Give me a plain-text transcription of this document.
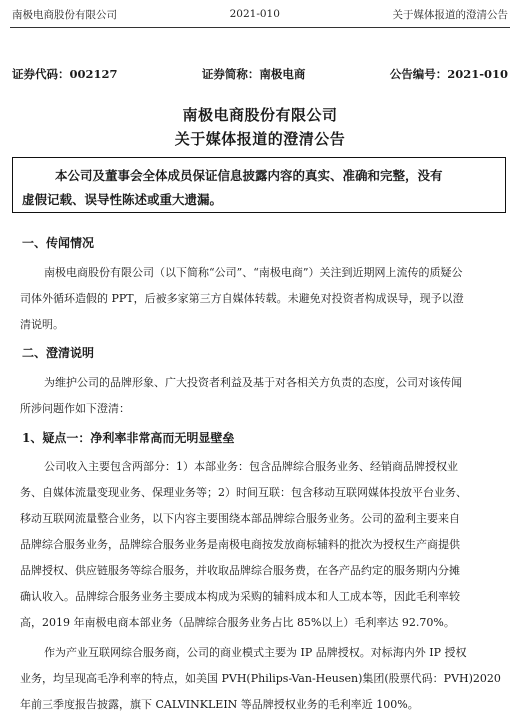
南极电商股份有限公司	2021-010	关于媒体报道的澄清公告
证券代码：002127	证券简称：南极电商	公告编号：2021-010
南极电商股份有限公司
关于媒体报道的澄清公告
本公司及董事会全体成员保证信息披露内容的真实、准确和完整，没有
虚假记载、误导性陈述或重大遗漏。
一、传闻情况
南极电商股份有限公司（以下简称“公司”、“南极电商”）关注到近期网上流传的质疑公
司体外循环造假的 PPT，后被多家第三方自媒体转载。未避免对投资者构成误导，现予以澄
清说明。
二、澄清说明
为维护公司的品牌形象、广大投资者利益及基于对各相关方负责的态度，公司对该传闻
所涉问题作如下澄清：
1、疑点一：净利率非常高而无明显壁垒
公司收入主要包含两部分：1）本部业务：包含品牌综合服务业务、经销商品牌授权业
务、自媒体流量变现业务、保理业务等；2）时间互联：包含移动互联网媒体投放平台业务、
移动互联网流量整合业务，以下内容主要围绕本部品牌综合服务业务。公司的盈利主要来自
品牌综合服务业务，品牌综合服务业务是南极电商按发放商标辅料的批次为授权生产商提供
品牌授权、供应链服务等综合服务，并收取品牌综合服务费，在各产品约定的服务期内分摊
确认收入。品牌综合服务业务主要成本构成为采购的辅料成本和人工成本等，因此毛利率较
高，2019 年南极电商本部业务（品牌综合服务业务占比 85%以上）毛利率达 92.70%。
作为产业互联网综合服务商，公司的商业模式主要为 IP 品牌授权。对标海内外 IP 授权
业务，均呈现高毛净利率的特点，如美国 PVH(Philips-Van-Heusen)集团(股票代码：PVH)2020
年前三季度报告披露，旗下 CALVINKLEIN 等品牌授权业务的毛利率近 100%。
